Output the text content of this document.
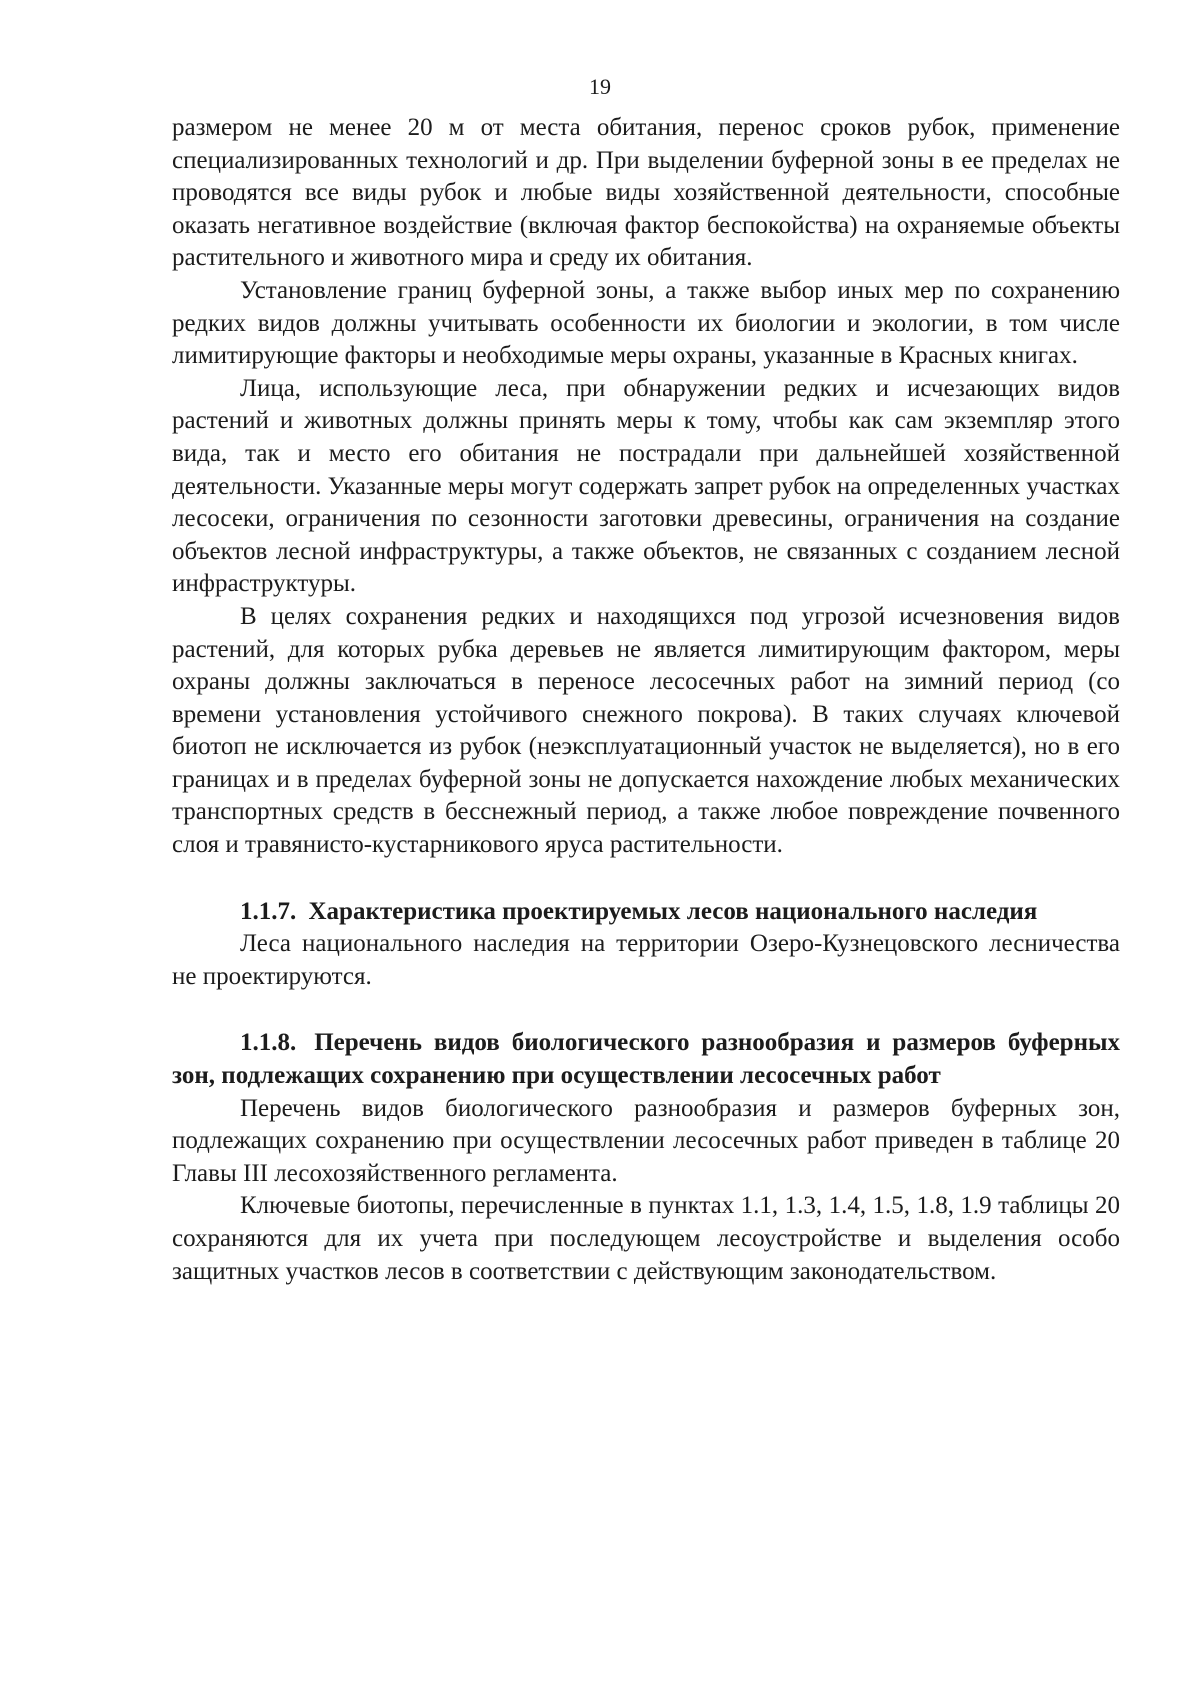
19

размером не менее 20 м от места обитания, перенос сроков рубок, применение специализированных технологий и др. При выделении буферной зоны в ее пределах не проводятся все виды рубок и любые виды хозяйственной деятельности, способные оказать негативное воздействие (включая фактор беспокойства) на охраняемые объекты растительного и животного мира и среду их обитания.

Установление границ буферной зоны, а также выбор иных мер по сохранению редких видов должны учитывать особенности их биологии и экологии, в том числе лимитирующие факторы и необходимые меры охраны, указанные в Красных книгах.

Лица, использующие леса, при обнаружении редких и исчезающих видов растений и животных должны принять меры к тому, чтобы как сам экземпляр этого вида, так и место его обитания не пострадали при дальнейшей хозяйственной деятельности. Указанные меры могут содержать запрет рубок на определенных участках лесосеки, ограничения по сезонности заготовки древесины, ограничения на создание объектов лесной инфраструктуры, а также объектов, не связанных с созданием лесной инфраструктуры.

В целях сохранения редких и находящихся под угрозой исчезновения видов растений, для которых рубка деревьев не является лимитирующим фактором, меры охраны должны заключаться в переносе лесосечных работ на зимний период (со времени установления устойчивого снежного покрова). В таких случаях ключевой биотоп не исключается из рубок (неэксплуатационный участок не выделяется), но в его границах и в пределах буферной зоны не допускается нахождение любых механических транспортных средств в бесснежный период, а также любое повреждение почвенного слоя и травянисто-кустарникового яруса растительности.

1.1.7. Характеристика проектируемых лесов национального наследия

Леса национального наследия на территории Озеро-Кузнецовского лесничества не проектируются.

1.1.8. Перечень видов биологического разнообразия и размеров буферных зон, подлежащих сохранению при осуществлении лесосечных работ

Перечень видов биологического разнообразия и размеров буферных зон, подлежащих сохранению при осуществлении лесосечных работ приведен в таблице 20 Главы III лесохозяйственного регламента.

Ключевые биотопы, перечисленные в пунктах 1.1, 1.3, 1.4, 1.5, 1.8, 1.9 таблицы 20 сохраняются для их учета при последующем лесоустройстве и выделения особо защитных участков лесов в соответствии с действующим законодательством.
